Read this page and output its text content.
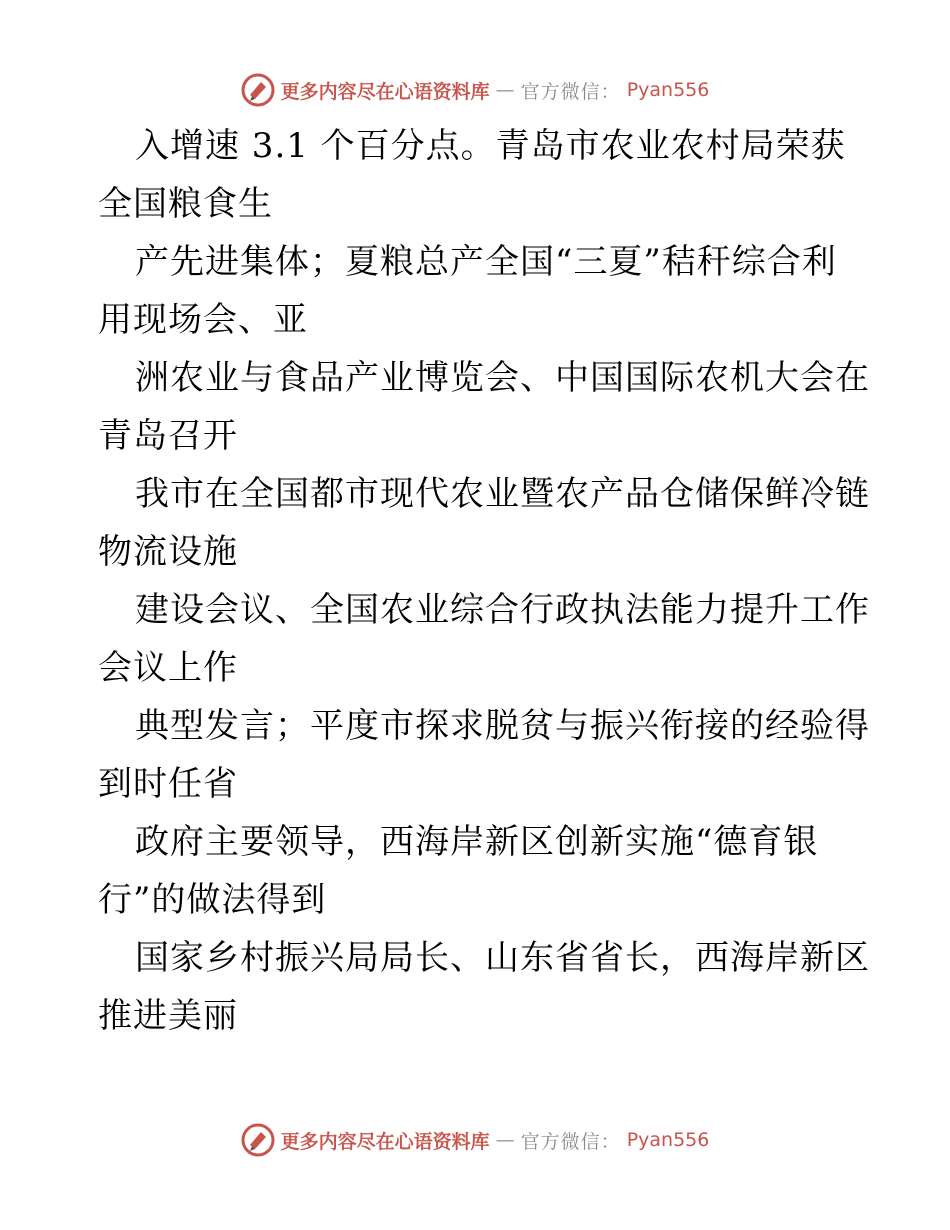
更多内容尽在心语资料库 — 官方微信： Pyan556
入增速 3.1 个百分点。青岛市农业农村局荣获
全国粮食生
产先进集体；夏粮总产全国“三夏”秸秆综合利
用现场会、亚
洲农业与食品产业博览会、中国国际农机大会在
青岛召开
我市在全国都市现代农业暨农产品仓储保鲜冷链
物流设施
建设会议、全国农业综合行政执法能力提升工作
会议上作
典型发言；平度市探求脱贫与振兴衔接的经验得
到时任省
政府主要领导，西海岸新区创新实施“德育银
行”的做法得到
国家乡村振兴局局长、山东省省长，西海岸新区
推进美丽
更多内容尽在心语资料库 — 官方微信： Pyan556
